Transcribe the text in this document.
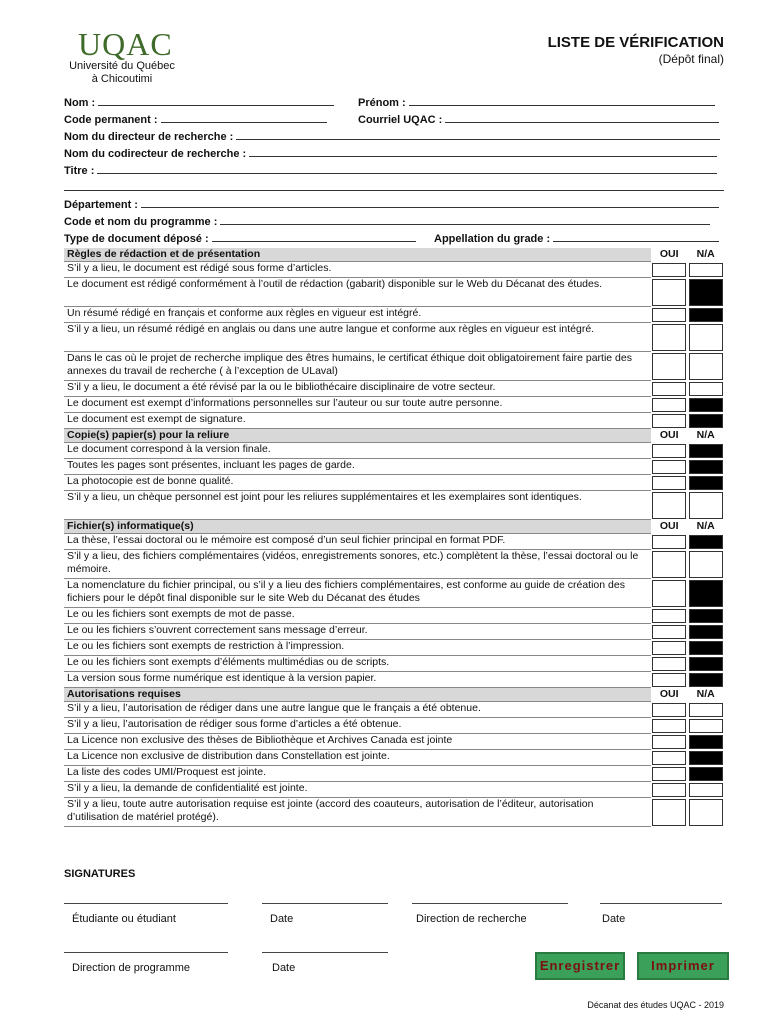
UQAC
Université du Québec
à Chicoutimi
LISTE DE VÉRIFICATION
(Dépôt final)
Nom :	Prénom :
Code permanent :	Courriel UQAC :
Nom du directeur de recherche :
Nom du codirecteur de recherche :
Titre :
Département :
Code et nom du programme :
Type de document déposé :	Appellation du grade :
Règles de rédaction et de présentation	OUI	N/A
S’il y a lieu, le document est rédigé sous forme d’articles.	

Le document est rédigé conformément à l’outil de rédaction (gabarit) disponible sur le Web du Décanat des études.	

Un résumé rédigé en français et conforme aux règles en vigueur est intégré.	

S’il y a lieu, un résumé rédigé en anglais ou dans une autre langue et conforme aux règles en vigueur est intégré.	

Dans le cas où le projet de recherche implique des êtres humains, le certificat éthique doit obligatoirement faire partie des annexes du travail de recherche ( à l’exception de ULaval)	

S’il y a lieu, le document a été révisé par la ou le bibliothécaire disciplinaire de votre secteur.	

Le document est exempt d’informations personnelles sur l’auteur ou sur toute autre personne.	

Le document est exempt de signature.	

Copie(s) papier(s) pour la reliure	OUI	N/A
Le document correspond à la version finale.	

Toutes les pages sont présentes, incluant les pages de garde.	

La photocopie est de bonne qualité.	

S’il y a lieu, un chèque personnel est joint pour les reliures supplémentaires et les exemplaires sont identiques.	

Fichier(s) informatique(s)	OUI	N/A
La thèse, l’essai doctoral ou le mémoire est composé d’un seul fichier principal en format PDF.	

S’il y a lieu, des fichiers complémentaires (vidéos, enregistrements sonores, etc.) complètent la thèse, l’essai doctoral ou le mémoire.	

La nomenclature du fichier principal, ou s’il y a lieu des fichiers complémentaires, est conforme au guide de création des fichiers pour le dépôt final disponible sur le site Web du Décanat des études	

Le ou les fichiers sont exempts de mot de passe.	

Le ou les fichiers s’ouvrent correctement sans message d’erreur.	

Le ou les fichiers sont exempts de restriction à l’impression.	

Le ou les fichiers sont exempts d’éléments multimédias ou de scripts.	

La version sous forme numérique est identique à la version papier.	

Autorisations requises	OUI	N/A
S’il y a lieu, l’autorisation de rédiger dans une autre langue que le français a été obtenue.	

S’il y a lieu, l’autorisation de rédiger sous forme d’articles a été obtenue.	

La Licence non exclusive des thèses de Bibliothèque et Archives Canada est jointe	

La Licence non exclusive de distribution dans Constellation est jointe.	

La liste des codes UMI/Proquest est jointe.	

S’il y a lieu, la demande de confidentialité est jointe.	

S’il y a lieu, toute autre autorisation requise est jointe (accord des coauteurs, autorisation de l’éditeur, autorisation d’utilisation de matériel protégé).	

SIGNATURES
Étudiante ou étudiant	Date	Direction de recherche	Date
Direction de programme	Date	Enregistrer	Imprimer
Décanat des études UQAC - 2019
